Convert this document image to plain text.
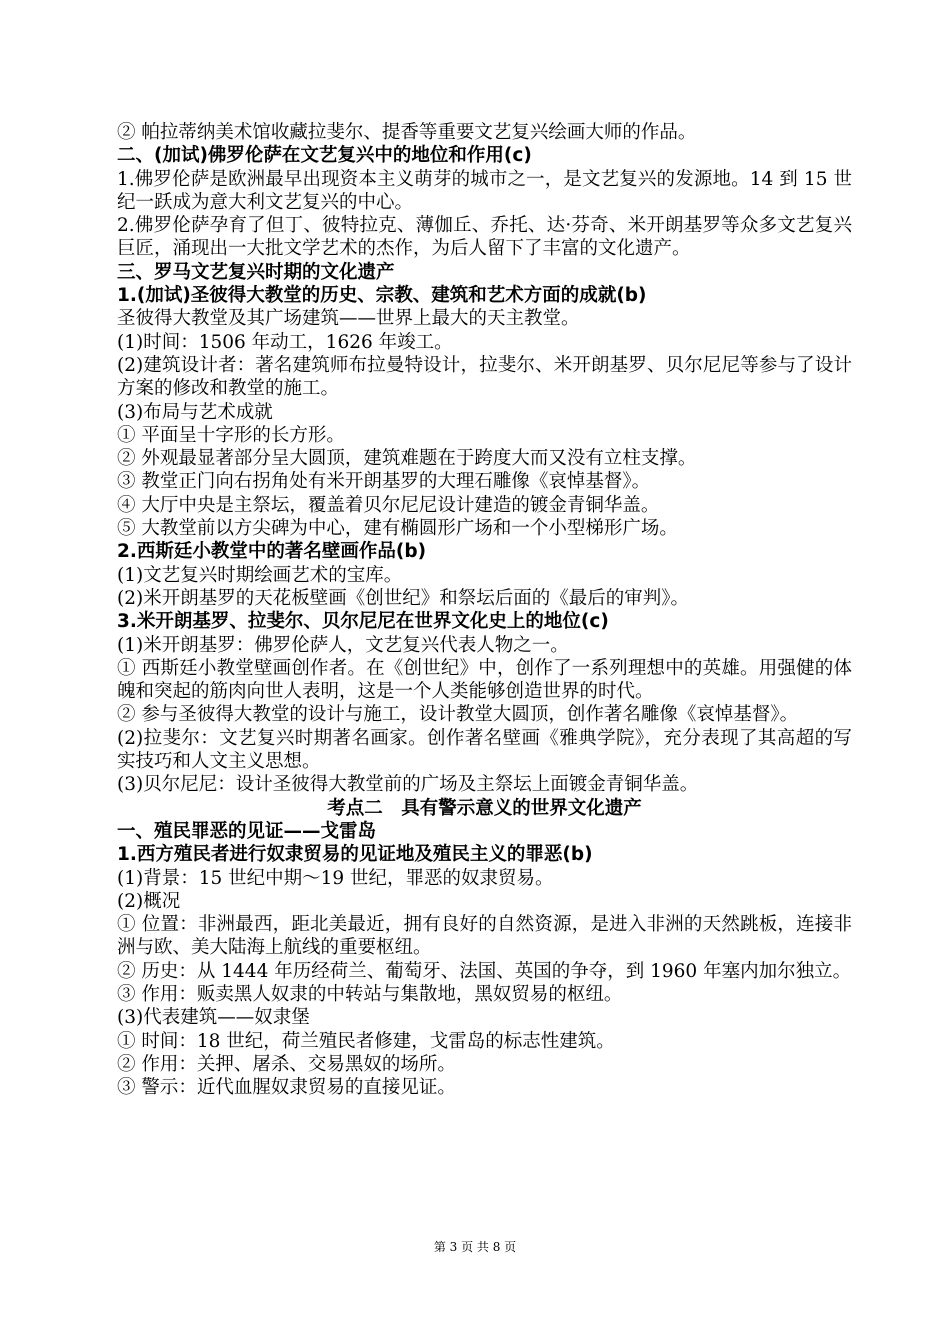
② 帕拉蒂纳美术馆收藏拉斐尔、提香等重要文艺复兴绘画大师的作品。

二、(加试)佛罗伦萨在文艺复兴中的地位和作用(c)

1.佛罗伦萨是欧洲最早出现资本主义萌芽的城市之一，是文艺复兴的发源地。14 到 15 世纪一跃成为意大利文艺复兴的中心。

2.佛罗伦萨孕育了但丁、彼特拉克、薄伽丘、乔托、达·芬奇、米开朗基罗等众多文艺复兴巨匠，涌现出一大批文学艺术的杰作，为后人留下了丰富的文化遗产。

三、罗马文艺复兴时期的文化遗产

1.(加试)圣彼得大教堂的历史、宗教、建筑和艺术方面的成就(b)

圣彼得大教堂及其广场建筑——世界上最大的天主教堂。

(1)时间：1506 年动工，1626 年竣工。

(2)建筑设计者：著名建筑师布拉曼特设计，拉斐尔、米开朗基罗、贝尔尼尼等参与了设计方案的修改和教堂的施工。

(3)布局与艺术成就

① 平面呈十字形的长方形。

② 外观最显著部分呈大圆顶，建筑难题在于跨度大而又没有立柱支撑。

③ 教堂正门向右拐角处有米开朗基罗的大理石雕像《哀悼基督》。

④ 大厅中央是主祭坛，覆盖着贝尔尼尼设计建造的镀金青铜华盖。

⑤ 大教堂前以方尖碑为中心，建有椭圆形广场和一个小型梯形广场。

2.西斯廷小教堂中的著名壁画作品(b)

(1)文艺复兴时期绘画艺术的宝库。

(2)米开朗基罗的天花板壁画《创世纪》和祭坛后面的《最后的审判》。

3.米开朗基罗、拉斐尔、贝尔尼尼在世界文化史上的地位(c)

(1)米开朗基罗：佛罗伦萨人，文艺复兴代表人物之一。

① 西斯廷小教堂壁画创作者。在《创世纪》中，创作了一系列理想中的英雄。用强健的体魄和突起的筋肉向世人表明，这是一个人类能够创造世界的时代。

② 参与圣彼得大教堂的设计与施工，设计教堂大圆顶，创作著名雕像《哀悼基督》。

(2)拉斐尔：文艺复兴时期著名画家。创作著名壁画《雅典学院》，充分表现了其高超的写实技巧和人文主义思想。

(3)贝尔尼尼：设计圣彼得大教堂前的广场及主祭坛上面镀金青铜华盖。

考点二　具有警示意义的世界文化遗产

一、殖民罪恶的见证——戈雷岛

1.西方殖民者进行奴隶贸易的见证地及殖民主义的罪恶(b)

(1)背景：15 世纪中期～19 世纪，罪恶的奴隶贸易。

(2)概况

① 位置：非洲最西，距北美最近，拥有良好的自然资源，是进入非洲的天然跳板，连接非洲与欧、美大陆海上航线的重要枢纽。

② 历史：从 1444 年历经荷兰、葡萄牙、法国、英国的争夺，到 1960 年塞内加尔独立。

③ 作用：贩卖黑人奴隶的中转站与集散地，黑奴贸易的枢纽。

(3)代表建筑——奴隶堡

① 时间：18 世纪，荷兰殖民者修建，戈雷岛的标志性建筑。

② 作用：关押、屠杀、交易黑奴的场所。

③ 警示：近代血腥奴隶贸易的直接见证。

第 3 页 共 8 页
